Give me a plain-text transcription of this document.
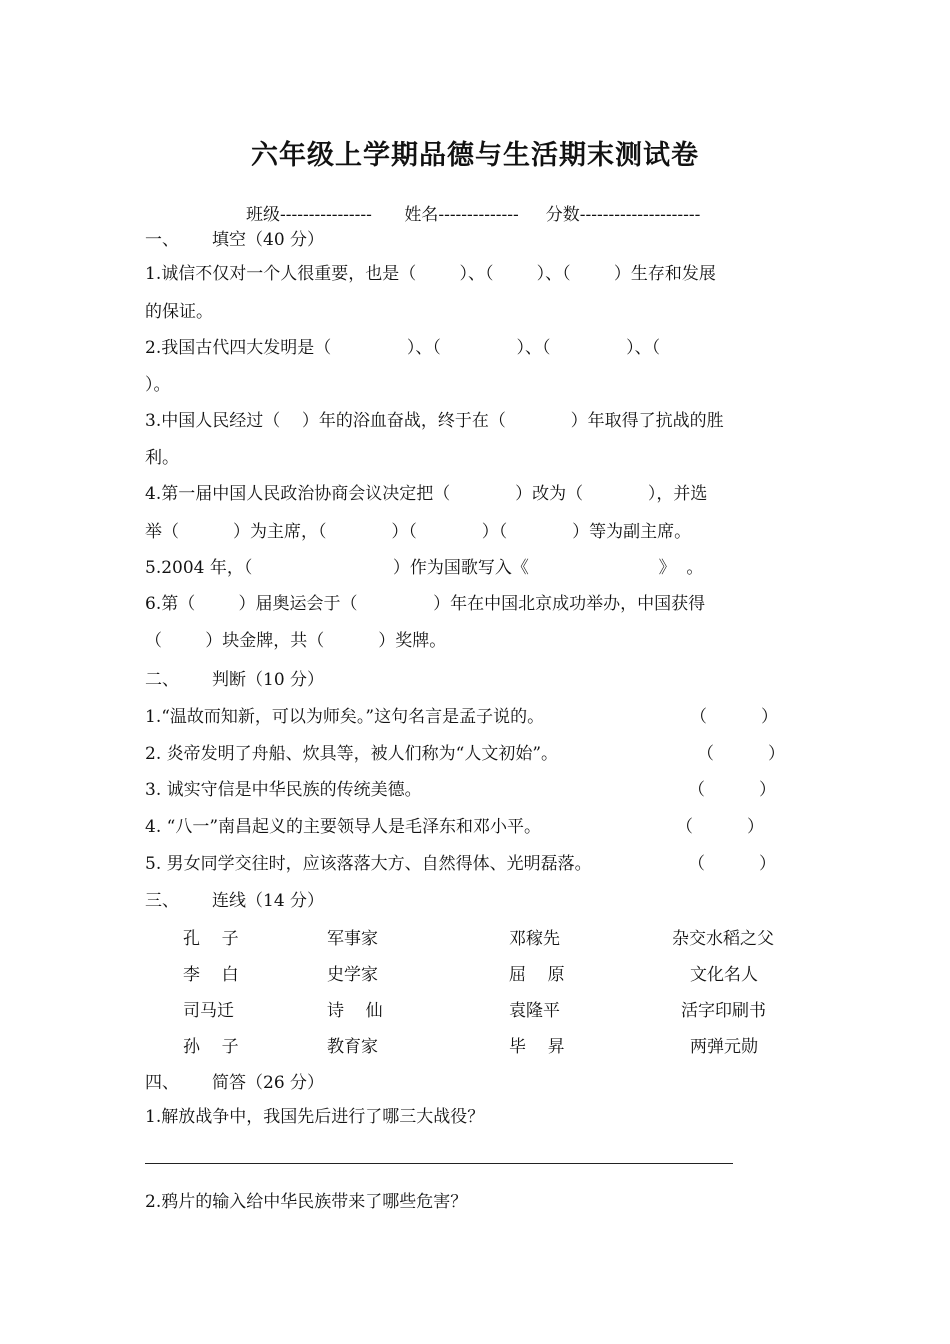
六年级上学期品德与生活期末测试卷
班级----------------      姓名--------------     分数---------------------
一、 填空（40 分）
1.诚信不仅对一个人很重要，也是（        ）、（        ）、（        ）生存和发展
的保证。
2.我国古代四大发明是（              ）、（              ）、（              ）、（
）。
3.中国人民经过（    ）年的浴血奋战，终于在（            ）年取得了抗战的胜
利。
4.第一届中国人民政治协商会议决定把（            ）改为（            ），并选
举（          ）为主席，（            ）（            ）（            ）等为副主席。
5.2004 年，（                          ）作为国歌写入《                        》  。
6.第（        ）届奥运会于（              ）年在中国北京成功举办，中国获得
（        ）块金牌，共（          ）奖牌。
二、 判断（10 分）
1.“温故而知新，可以为师矣。”这句名言是孟子说的。	（          ）
2. 炎帝发明了舟船、炊具等，被人们称为“人文初始”。	（          ）
3. 诚实守信是中华民族的传统美德。	（          ）
4. “八一”南昌起义的主要领导人是毛泽东和邓小平。	（          ）
5. 男女同学交往时，应该落落大方、自然得体、光明磊落。	（          ）
三、 连线（14 分）
孔    子	军事家	邓稼先	杂交水稻之父
李    白	史学家	屈    原	文化名人
司马迁	诗    仙	袁隆平	活字印刷书
孙    子	教育家	毕    昇	两弹元勋
四、 简答（26 分）
1.解放战争中，我国先后进行了哪三大战役？
2.鸦片的输入给中华民族带来了哪些危害？
